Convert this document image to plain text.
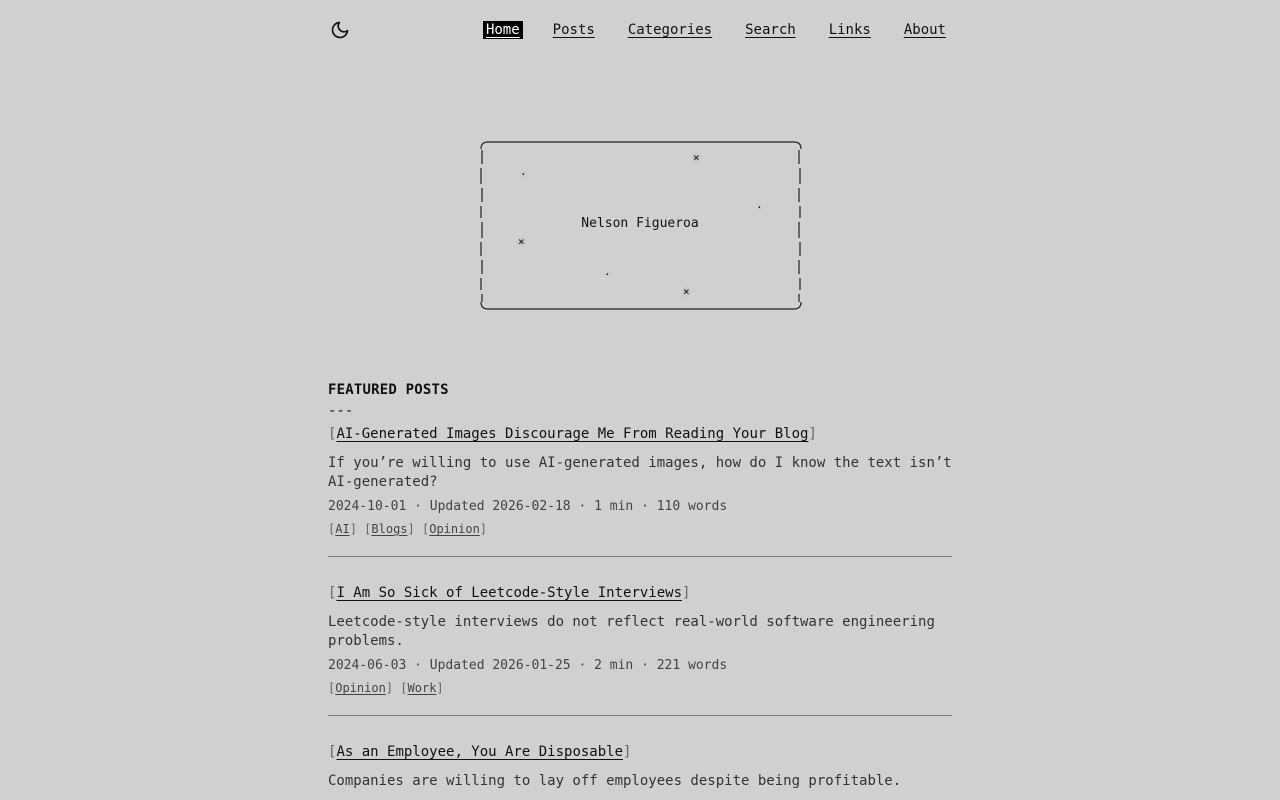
Home Posts Categories Search Links About
×
·
·
×
·
×
Nelson Figueroa
FEATURED POSTS
---
[AI-Generated Images Discourage Me From Reading Your Blog]
If you’re willing to use AI-generated images, how do I know the text isn’t AI-generated?
2024-10-01 · Updated 2026-02-18 · 1 min · 110 words
[AI] [Blogs] [Opinion]
[I Am So Sick of Leetcode-Style Interviews]
Leetcode-style interviews do not reflect real-world software engineering problems.
2024-06-03 · Updated 2026-01-25 · 2 min · 221 words
[Opinion] [Work]
[As an Employee, You Are Disposable]
Companies are willing to lay off employees despite being profitable.
